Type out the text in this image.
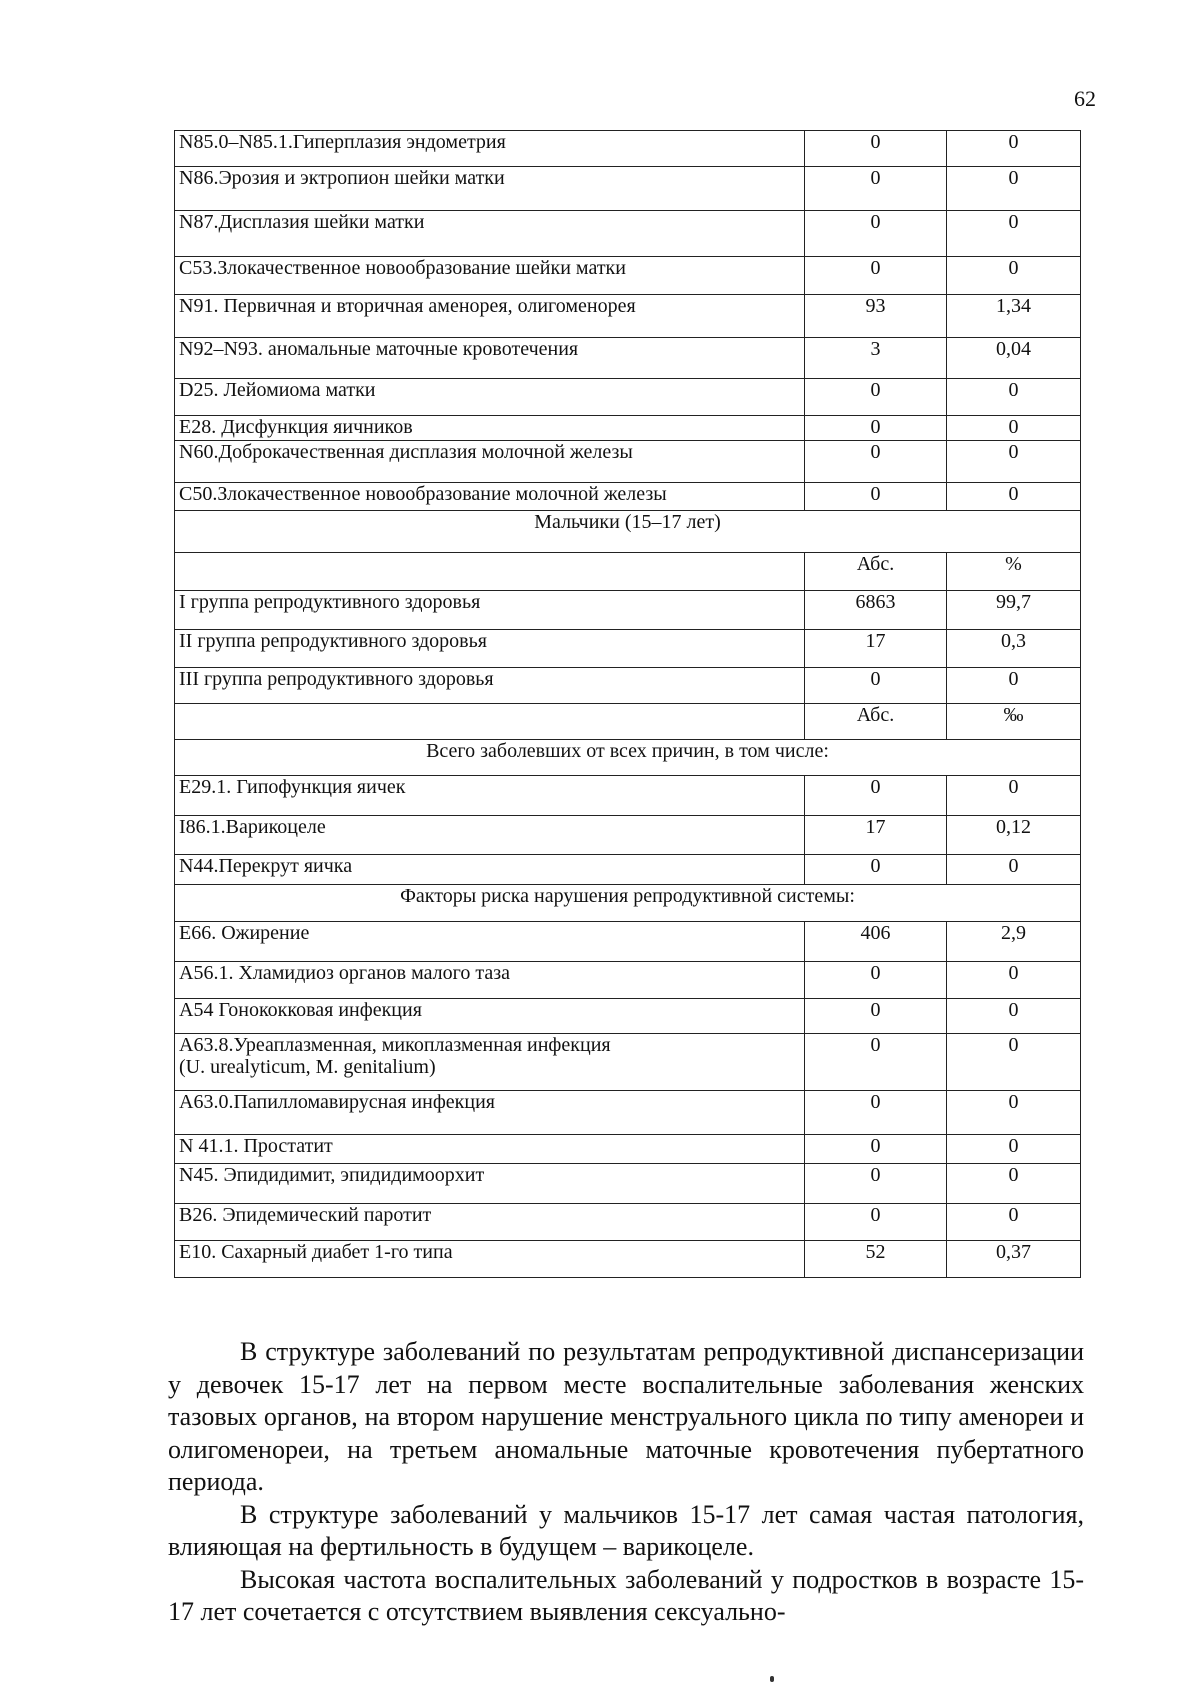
62
N85.0–N85.1.Гиперплазия эндометрия	0	0
N86.Эрозия и эктропион шейки матки	0	0
N87.Дисплазия шейки матки	0	0
С53.Злокачественное новообразование шейки матки	0	0
N91. Первичная и вторичная аменорея, олигоменорея	93	1,34
N92–N93. аномальные маточные кровотечения	3	0,04
D25. Лейомиома матки	0	0
Е28. Дисфункция яичников	0	0
N60.Доброкачественная дисплазия молочной железы	0	0
С50.Злокачественное новообразование молочной железы	0	0
Мальчики (15–17 лет)		
	Абс.	%
I группа репродуктивного здоровья	6863	99,7
II группа репродуктивного здоровья	17	0,3
III группа репродуктивного здоровья	0	0
	Абс.	‰
Всего заболевших от всех причин, в том числе:		
Е29.1. Гипофункция яичек	0	0
I86.1.Варикоцеле	17	0,12
N44.Перекрут яичка	0	0
Факторы риска нарушения репродуктивной системы:		
Е66. Ожирение	406	2,9
А56.1. Хламидиоз органов малого таза	0	0
А54 Гонококковая инфекция	0	0
А63.8.Уреаплазменная, микоплазменная инфекция
(U. urealyticum, M. genitalium)	0	0
А63.0.Папилломавирусная инфекция	0	0
N 41.1. Простатит	0	0
N45. Эпидидимит, эпидидимоорхит	0	0
В26. Эпидемический паротит	0	0
Е10. Сахарный диабет 1-го типа	52	0,37

В структуре заболеваний по результатам репродуктивной диспансеризации у девочек 15-17 лет на первом месте воспалительные заболевания женских тазовых органов, на втором нарушение менструального цикла по типу аменореи и олигоменореи, на третьем аномальные маточные кровотечения пубертатного периода.

В структуре заболеваний у мальчиков 15-17 лет самая частая патология, влияющая на фертильность в будущем – варикоцеле.

Высокая частота воспалительных заболеваний у подростков в возрасте 15-17 лет сочетается с отсутствием выявления сексуально-
